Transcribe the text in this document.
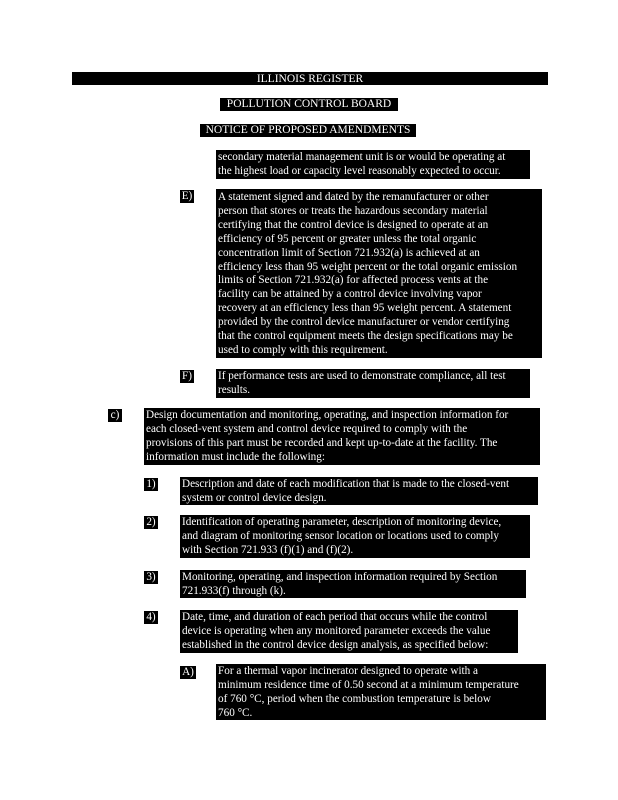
ILLINOIS REGISTER
POLLUTION CONTROL BOARD
NOTICE OF PROPOSED AMENDMENTS
secondary material management unit is or would be operating at
the highest load or capacity level reasonably expected to occur.
E) A statement signed and dated by the remanufacturer or other
person that stores or treats the hazardous secondary material
certifying that the control device is designed to operate at an
efficiency of 95 percent or greater unless the total organic
concentration limit of Section 721.932(a) is achieved at an
efficiency less than 95 weight percent or the total organic emission
limits of Section 721.932(a) for affected process vents at the
facility can be attained by a control device involving vapor
recovery at an efficiency less than 95 weight percent. A statement
provided by the control device manufacturer or vendor certifying
that the control equipment meets the design specifications may be
used to comply with this requirement.
F) If performance tests are used to demonstrate compliance, all test
results.
c) Design documentation and monitoring, operating, and inspection information for
each closed-vent system and control device required to comply with the
provisions of this part must be recorded and kept up-to-date at the facility. The
information must include the following:
1) Description and date of each modification that is made to the closed-vent
system or control device design.
2) Identification of operating parameter, description of monitoring device,
and diagram of monitoring sensor location or locations used to comply
with Section 721.933 (f)(1) and (f)(2).
3) Monitoring, operating, and inspection information required by Section
721.933(f) through (k).
4) Date, time, and duration of each period that occurs while the control
device is operating when any monitored parameter exceeds the value
established in the control device design analysis, as specified below:
A) For a thermal vapor incinerator designed to operate with a
minimum residence time of 0.50 second at a minimum temperature
of 760 °C, period when the combustion temperature is below
760 °C.
